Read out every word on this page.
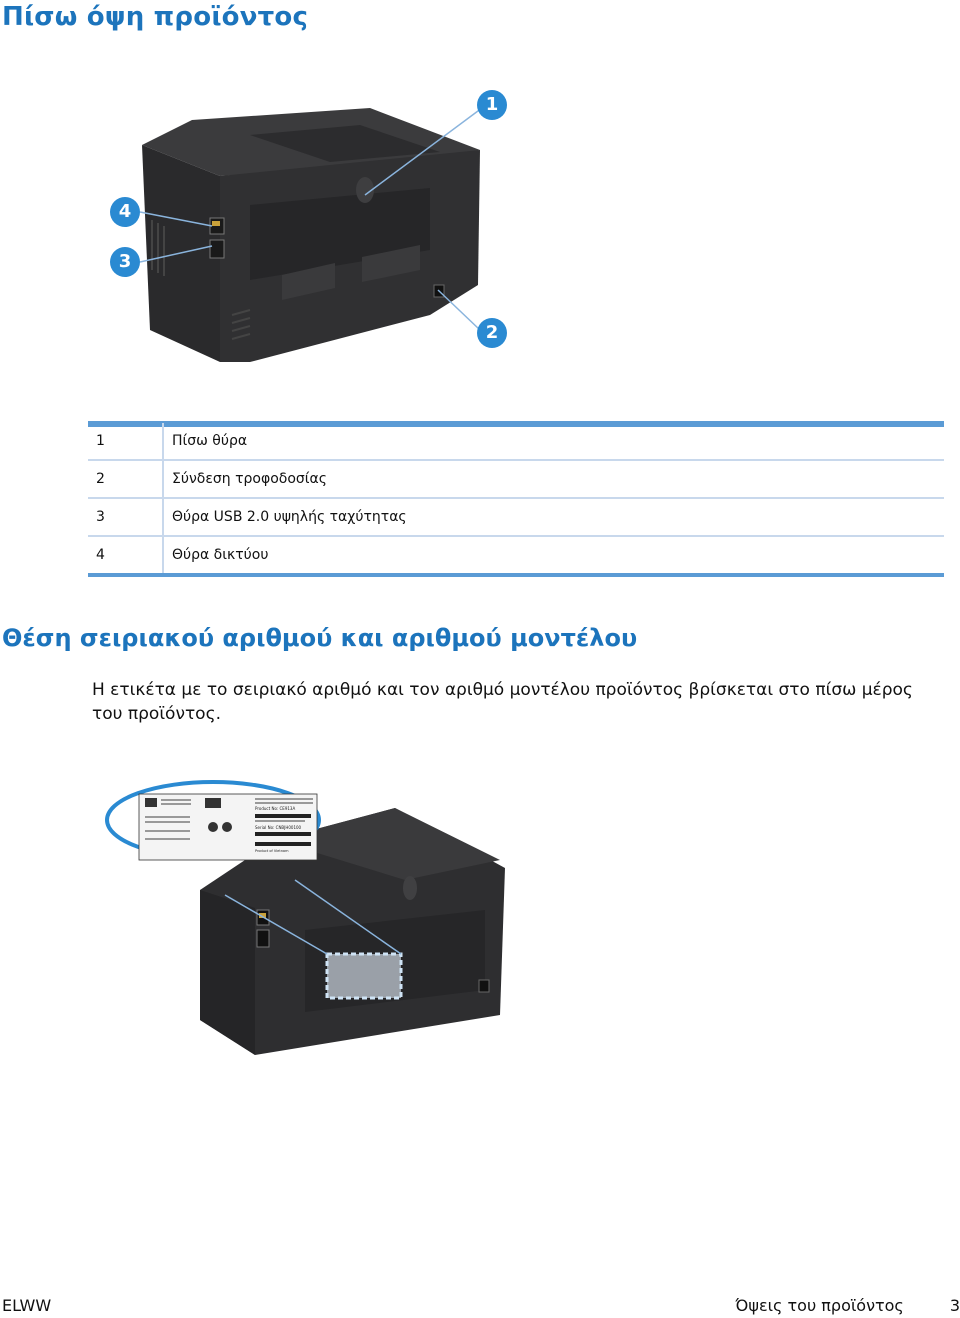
Πίσω όψη προϊόντος
1
2
3
4
1	Πίσω θύρα
2	Σύνδεση τροφοδοσίας
3	Θύρα USB 2.0 υψηλής ταχύτητας
4	Θύρα δικτύου
Θέση σειριακού αριθμού και αριθμού μοντέλου

Η ετικέτα με το σειριακό αριθμό και τον αριθμό μοντέλου προϊόντος βρίσκεται στο πίσω μέρος του προϊόντος.

Product No: CE913A
Serial No: CNBJH00100
Product of Vietnam
ELWW	Όψεις του προϊόντος	3
